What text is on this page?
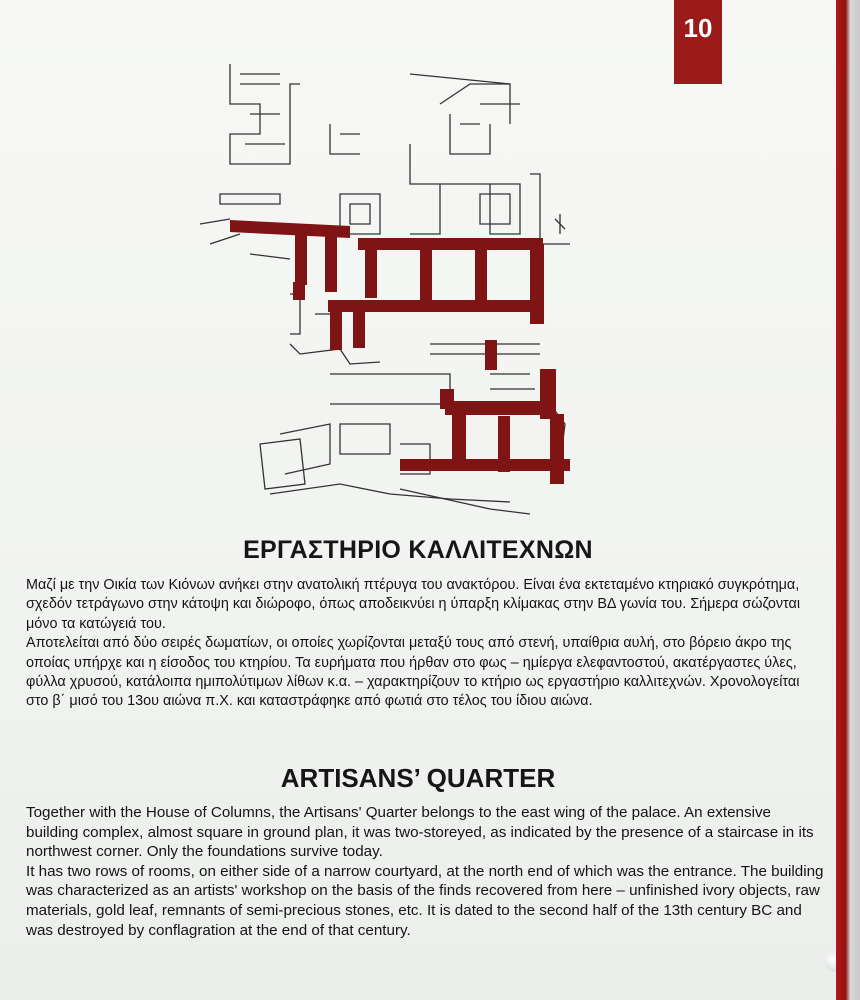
10
ΕΡΓΑΣΤΗΡΙΟ ΚΑΛΛΙΤΕΧΝΩΝ

Μαζί με την Οικία των Κιόνων ανήκει στην ανατολική πτέρυγα του ανακτόρου. Είναι ένα εκτεταμένο κτηριακό συγκρότημα, σχεδόν τετράγωνο στην κάτοψη και διώροφο, όπως αποδεικνύει η ύπαρξη κλίμακας στην ΒΔ γωνία του. Σήμερα σώζονται μόνο τα κατώγειά του.

Αποτελείται από δύο σειρές δωματίων, οι οποίες χωρίζονται μεταξύ τους από στενή, υπαίθρια αυλή, στο βόρειο άκρο της οποίας υπήρχε και η είσοδος του κτηρίου. Τα ευρήματα που ήρθαν στο φως – ημίεργα ελεφαντοστού, ακατέργαστες ύλες, φύλλα χρυσού, κατάλοιπα ημιπολύτιμων λίθων κ.α. – χαρακτηρίζουν το κτήριο ως εργαστήριο καλλιτεχνών. Χρονολογείται στο β΄ μισό του 13ου αιώνα π.Χ. και καταστράφηκε από φωτιά στο τέλος του ίδιου αιώνα.

ARTISANS’ QUARTER

Together with the House of Columns, the Artisans' Quarter belongs to the east wing of the palace. An extensive building complex, almost square in ground plan, it was two-storeyed, as indicated by the presence of a staircase in its northwest corner. Only the foundations survive today.

It has two rows of rooms, on either side of a narrow courtyard, at the north end of which was the entrance. The building was characterized as an artists' workshop on the basis of the finds recovered from here – unfinished ivory objects, raw materials, gold leaf, remnants of semi-precious stones, etc. It is dated to the second half of the 13th century BC and was destroyed by conflagration at the end of that century.
